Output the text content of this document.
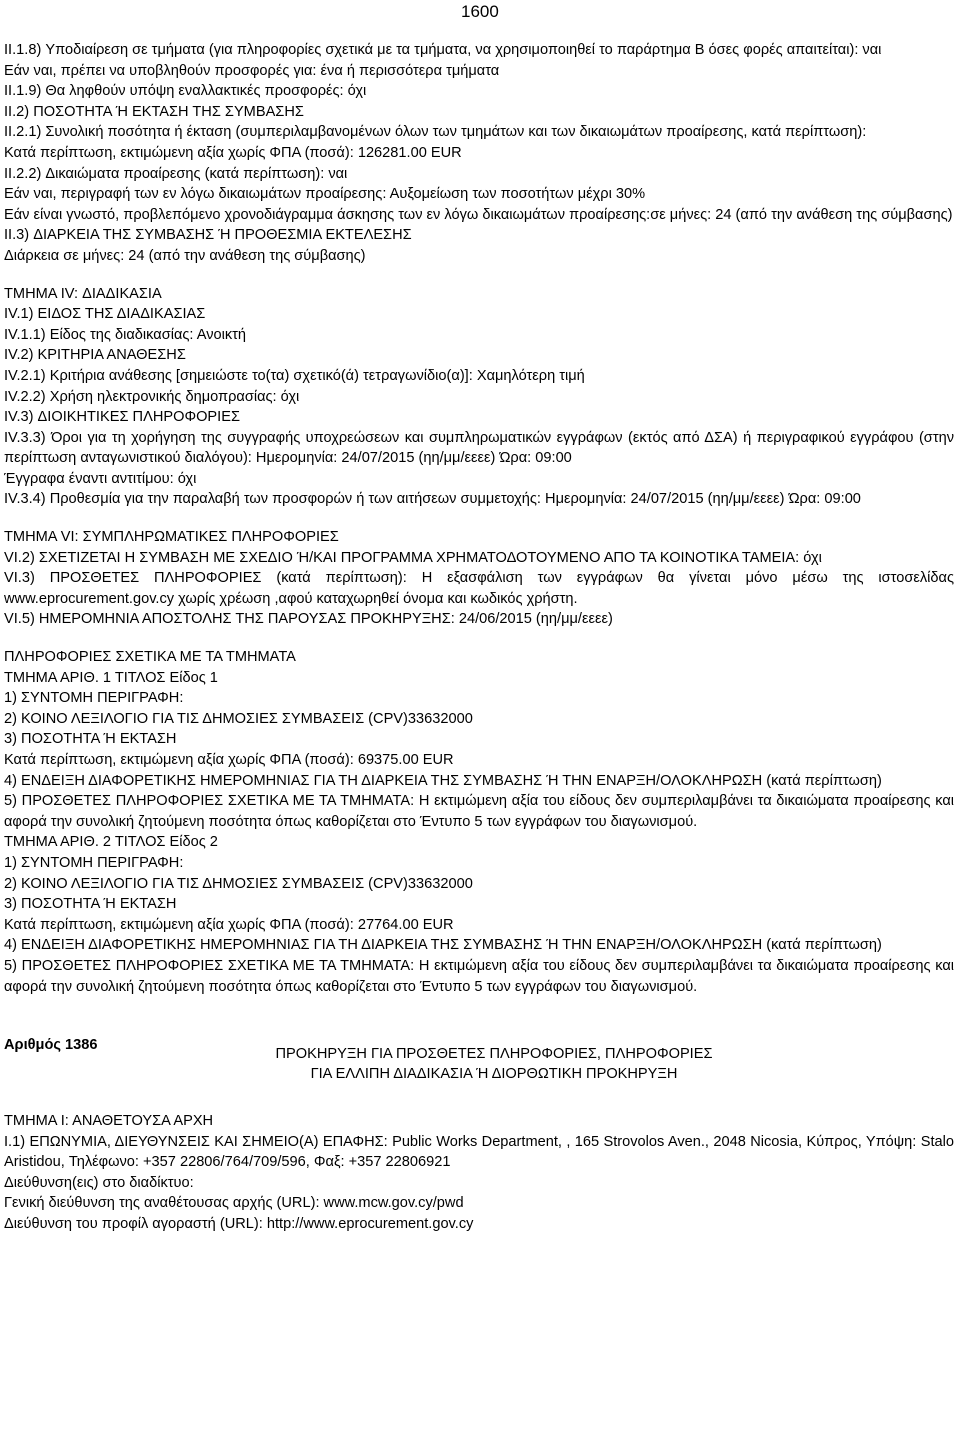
1600

II.1.8) Υποδιαίρεση σε τμήματα (για πληροφορίες σχετικά με τα τμήματα, να χρησιμοποιηθεί το παράρτημα Β όσες φορές απαιτείται): ναι

Εάν ναι, πρέπει να υποβληθούν προσφορές για: ένα ή περισσότερα τμήματα

II.1.9) Θα ληφθούν υπόψη εναλλακτικές προσφορές: όχι

II.2) ΠΟΣΟΤΗΤΑ Ή ΕΚΤΑΣΗ ΤΗΣ ΣΥΜΒΑΣΗΣ

II.2.1) Συνολική ποσότητα ή έκταση (συμπεριλαμβανομένων όλων των τμημάτων και των δικαιωμάτων προαίρεσης, κατά περίπτωση):

Κατά περίπτωση, εκτιμώμενη αξία χωρίς ΦΠΑ (ποσά): 126281.00 EUR

II.2.2) Δικαιώματα προαίρεσης (κατά περίπτωση): ναι

Εάν ναι, περιγραφή των εν λόγω δικαιωμάτων προαίρεσης: Αυξομείωση των ποσοτήτων μέχρι 30%

Εάν είναι γνωστό, προβλεπόμενο χρονοδιάγραμμα άσκησης των εν λόγω δικαιωμάτων προαίρεσης:σε μήνες: 24 (από την ανάθεση της σύμβασης)

II.3) ΔΙΑΡΚΕΙΑ ΤΗΣ ΣΥΜΒΑΣΗΣ Ή ΠΡΟΘΕΣΜΙΑ ΕΚΤΕΛΕΣΗΣ

Διάρκεια σε μήνες: 24 (από την ανάθεση της σύμβασης)

ΤΜΗΜΑ IV: ΔΙΑΔΙΚΑΣΙΑ

IV.1) ΕΙΔΟΣ ΤΗΣ ΔΙΑΔΙΚΑΣΙΑΣ

IV.1.1) Είδος της διαδικασίας: Ανοικτή

IV.2) ΚΡΙΤΗΡΙΑ ΑΝΑΘΕΣΗΣ

IV.2.1) Κριτήρια ανάθεσης [σημειώστε το(τα) σχετικό(ά) τετραγωνίδιο(α)]: Χαμηλότερη τιμή

IV.2.2) Χρήση ηλεκτρονικής δημοπρασίας: όχι

IV.3) ΔΙΟΙΚΗΤΙΚΕΣ ΠΛΗΡΟΦΟΡΙΕΣ

IV.3.3) Όροι για τη χορήγηση της συγγραφής υποχρεώσεων και συμπληρωματικών εγγράφων (εκτός από ΔΣΑ) ή περιγραφικού εγγράφου (στην περίπτωση ανταγωνιστικού διαλόγου): Ημερομηνία: 24/07/2015 (ηη/μμ/εεεε) Ώρα: 09:00

Έγγραφα έναντι αντιτίμου: όχι

IV.3.4) Προθεσμία για την παραλαβή των προσφορών ή των αιτήσεων συμμετοχής: Ημερομηνία: 24/07/2015 (ηη/μμ/εεεε) Ώρα: 09:00

ΤΜΗΜΑ VI: ΣΥΜΠΛΗΡΩΜΑΤΙΚΕΣ ΠΛΗΡΟΦΟΡΙΕΣ

VI.2) ΣΧΕΤΙΖΕΤΑΙ Η ΣΥΜΒΑΣΗ ΜΕ ΣΧΕΔΙΟ Ή/ΚΑΙ ΠΡΟΓΡΑΜΜΑ ΧΡΗΜΑΤΟΔΟΤΟΥΜΕΝΟ ΑΠΟ ΤΑ ΚΟΙΝΟΤΙΚΑ ΤΑΜΕΙΑ: όχι

VI.3) ΠΡΟΣΘΕΤΕΣ ΠΛΗΡΟΦΟΡΙΕΣ (κατά περίπτωση): Η εξασφάλιση των εγγράφων θα γίνεται μόνο μέσω της ιστοσελίδας www.eprocurement.gov.cy χωρίς χρέωση ,αφού καταχωρηθεί όνομα και κωδικός χρήστη.

VI.5) ΗΜΕΡΟΜΗΝΙΑ ΑΠΟΣΤΟΛΗΣ ΤΗΣ ΠΑΡΟΥΣΑΣ ΠΡΟΚΗΡΥΞΗΣ: 24/06/2015 (ηη/μμ/εεεε)

ΠΛΗΡΟΦΟΡΙΕΣ ΣΧΕΤΙΚΑ ΜΕ ΤΑ ΤΜΗΜΑΤΑ

ΤΜΗΜΑ ΑΡΙΘ. 1 ΤΙΤΛΟΣ Είδος 1

1) ΣΥΝΤΟΜΗ ΠΕΡΙΓΡΑΦΗ:

2) ΚΟΙΝΟ ΛΕΞΙΛΟΓΙΟ ΓΙΑ ΤΙΣ ΔΗΜΟΣΙΕΣ ΣΥΜΒΑΣΕΙΣ (CPV)33632000

3) ΠΟΣΟΤΗΤΑ Ή ΕΚΤΑΣΗ

Κατά περίπτωση, εκτιμώμενη αξία χωρίς ΦΠΑ (ποσά): 69375.00 EUR

4) ΕΝΔΕΙΞΗ ΔΙΑΦΟΡΕΤΙΚΗΣ ΗΜΕΡΟΜΗΝΙΑΣ ΓΙΑ ΤΗ ΔΙΑΡΚΕΙΑ ΤΗΣ ΣΥΜΒΑΣΗΣ Ή ΤΗΝ ΕΝΑΡΞΗ/ΟΛΟΚΛΗΡΩΣΗ (κατά περίπτωση)

5) ΠΡΟΣΘΕΤΕΣ ΠΛΗΡΟΦΟΡΙΕΣ ΣΧΕΤΙΚΑ ΜΕ ΤΑ ΤΜΗΜΑΤΑ: Η εκτιμώμενη αξία του είδους δεν συμπεριλαμβάνει τα δικαιώματα προαίρεσης και αφορά την συνολική ζητούμενη ποσότητα όπως καθορίζεται στο Έντυπο 5 των εγγράφων του διαγωνισμού.

ΤΜΗΜΑ ΑΡΙΘ. 2 ΤΙΤΛΟΣ Είδος 2

1) ΣΥΝΤΟΜΗ ΠΕΡΙΓΡΑΦΗ:

2) ΚΟΙΝΟ ΛΕΞΙΛΟΓΙΟ ΓΙΑ ΤΙΣ ΔΗΜΟΣΙΕΣ ΣΥΜΒΑΣΕΙΣ (CPV)33632000

3) ΠΟΣΟΤΗΤΑ Ή ΕΚΤΑΣΗ

Κατά περίπτωση, εκτιμώμενη αξία χωρίς ΦΠΑ (ποσά): 27764.00 EUR

4) ΕΝΔΕΙΞΗ ΔΙΑΦΟΡΕΤΙΚΗΣ ΗΜΕΡΟΜΗΝΙΑΣ ΓΙΑ ΤΗ ΔΙΑΡΚΕΙΑ ΤΗΣ ΣΥΜΒΑΣΗΣ Ή ΤΗΝ ΕΝΑΡΞΗ/ΟΛΟΚΛΗΡΩΣΗ (κατά περίπτωση)

5) ΠΡΟΣΘΕΤΕΣ ΠΛΗΡΟΦΟΡΙΕΣ ΣΧΕΤΙΚΑ ΜΕ ΤΑ ΤΜΗΜΑΤΑ: Η εκτιμώμενη αξία του είδους δεν συμπεριλαμβάνει τα δικαιώματα προαίρεσης και αφορά την συνολική ζητούμενη ποσότητα όπως καθορίζεται στο Έντυπο 5 των εγγράφων του διαγωνισμού.

Αριθμός 1386

ΠΡΟΚΗΡΥΞΗ ΓΙΑ ΠΡΟΣΘΕΤΕΣ ΠΛΗΡΟΦΟΡΙΕΣ, ΠΛΗΡΟΦΟΡΙΕΣ

ΓΙΑ ΕΛΛΙΠΗ ΔΙΑΔΙΚΑΣΙΑ Ή ΔΙΟΡΘΩΤΙΚΗ ΠΡΟΚΗΡΥΞΗ

ΤΜΗΜΑ Ι: ΑΝΑΘΕΤΟΥΣΑ ΑΡΧΗ

I.1) ΕΠΩΝΥΜΙΑ, ΔΙΕΥΘΥΝΣΕΙΣ ΚΑΙ ΣΗΜΕΙΟ(Α) ΕΠΑΦΗΣ: Public Works Department, , 165 Strovolos Aven., 2048 Nicosia, Κύπρος, Υπόψη: Stalo Aristidou, Τηλέφωνο: +357 22806/764/709/596, Φαξ: +357 22806921

Διεύθυνση(εις) στο διαδίκτυο:

Γενική διεύθυνση της αναθέτουσας αρχής (URL): www.mcw.gov.cy/pwd

Διεύθυνση του προφίλ αγοραστή (URL): http://www.eprocurement.gov.cy
